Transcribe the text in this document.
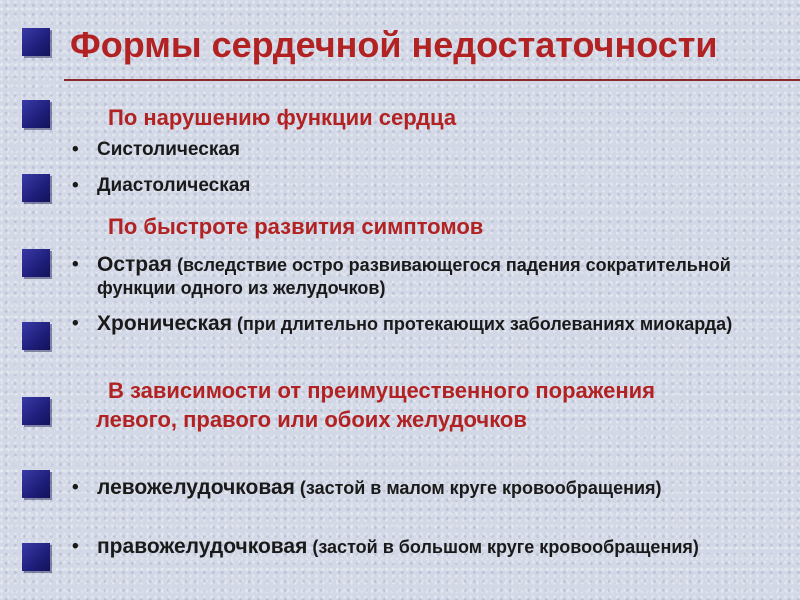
Формы сердечной недостаточности
По нарушению функции сердца
• Систолическая
• Диастолическая
По быстроте развития симптомов
• Острая (вследствие остро развивающегося падения сократительной функции одного из желудочков)
• Хроническая (при длительно протекающих заболеваниях миокарда)
В зависимости от преимущественного поражения левого, правого или обоих желудочков
• левожелудочковая (застой в малом круге кровообращения)
• правожелудочковая (застой в большом круге кровообращения)
